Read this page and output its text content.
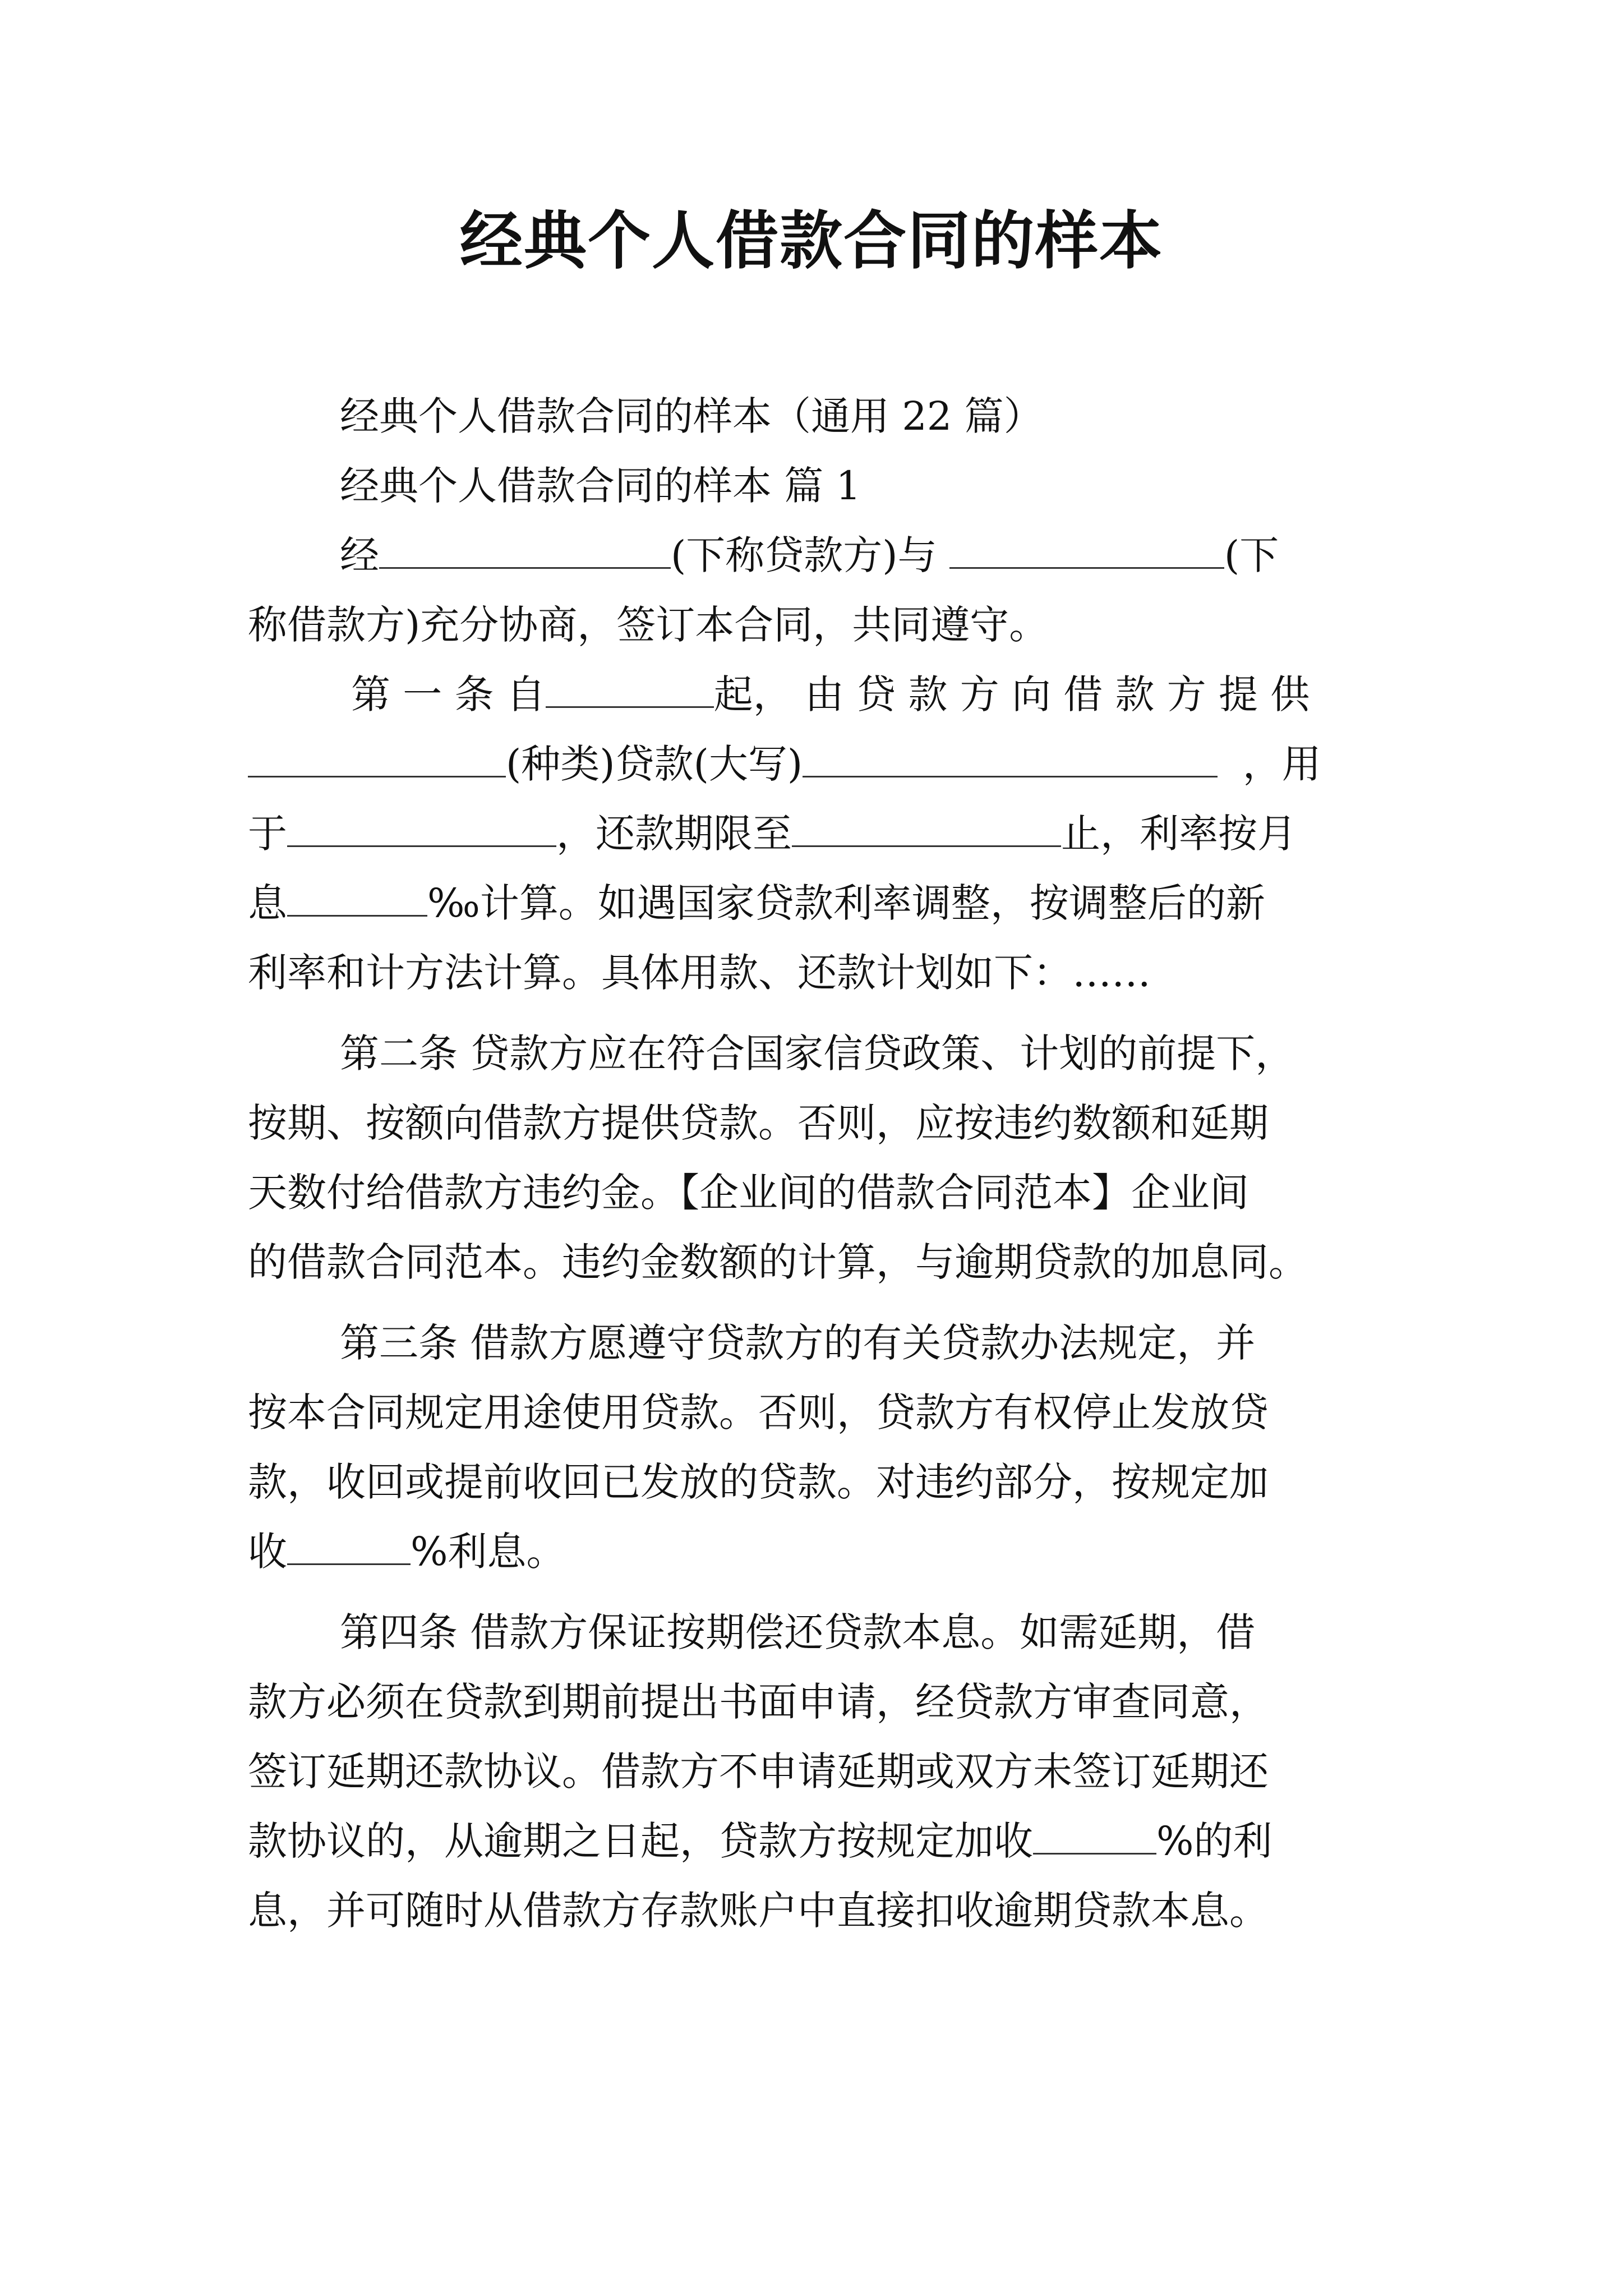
经典个人借款合同的样本
经典个人借款合同的样本（通用 22 篇）
经典个人借款合同的样本 篇 1
经	(下称贷款方)与	(下
称借款方)充分协商，签订本合同，共同遵守。
第 一 条 自	起， 由 贷 款 方 向 借 款 方 提 供
(种类)贷款(大写)	，用
于	，还款期限至	止，利率按月
息	‰计算。如遇国家贷款利率调整，按调整后的新
利率和计方法计算。具体用款、还款计划如下：……
第二条 贷款方应在符合国家信贷政策、计划的前提下，
按期、按额向借款方提供贷款。否则，应按违约数额和延期
天数付给借款方违约金。【企业间的借款合同范本】企业间
的借款合同范本。违约金数额的计算，与逾期贷款的加息同。
第三条 借款方愿遵守贷款方的有关贷款办法规定，并
按本合同规定用途使用贷款。否则，贷款方有权停止发放贷
款，收回或提前收回已发放的贷款。对违约部分，按规定加
收	%利息。
第四条 借款方保证按期偿还贷款本息。如需延期，借
款方必须在贷款到期前提出书面申请，经贷款方审查同意，
签订延期还款协议。借款方不申请延期或双方未签订延期还
款协议的，从逾期之日起，贷款方按规定加收	%的利
息，并可随时从借款方存款账户中直接扣收逾期贷款本息。
